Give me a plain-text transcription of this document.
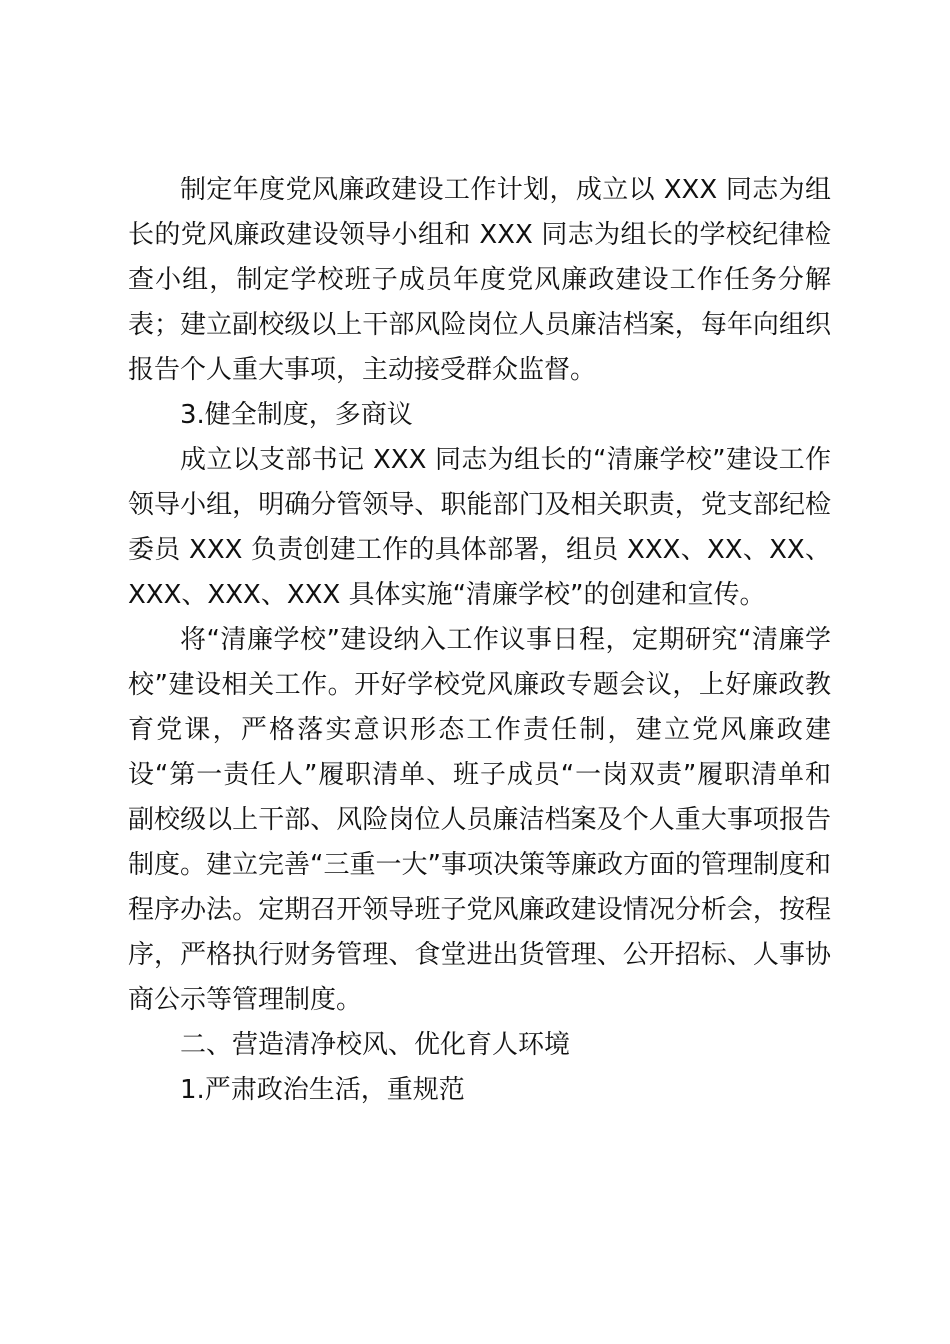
制定年度党风廉政建设工作计划，成立以 XXX 同志为组长的党风廉政建设领导小组和 XXX 同志为组长的学校纪律检查小组，制定学校班子成员年度党风廉政建设工作任务分解表；建立副校级以上干部风险岗位人员廉洁档案，每年向组织报告个人重大事项，主动接受群众监督。

3.健全制度，多商议

成立以支部书记 XXX 同志为组长的“清廉学校”建设工作领导小组，明确分管领导、职能部门及相关职责，党支部纪检委员 XXX 负责创建工作的具体部署，组员 XXX、XX、XX、XXX、XXX、XXX 具体实施“清廉学校”的创建和宣传。

将“清廉学校”建设纳入工作议事日程，定期研究“清廉学校”建设相关工作。开好学校党风廉政专题会议，上好廉政教育党课，严格落实意识形态工作责任制，建立党风廉政建设“第一责任人”履职清单、班子成员“一岗双责”履职清单和副校级以上干部、风险岗位人员廉洁档案及个人重大事项报告制度。建立完善“三重一大”事项决策等廉政方面的管理制度和程序办法。定期召开领导班子党风廉政建设情况分析会，按程序，严格执行财务管理、食堂进出货管理、公开招标、人事协商公示等管理制度。

二、营造清净校风、优化育人环境

1.严肃政治生活，重规范
